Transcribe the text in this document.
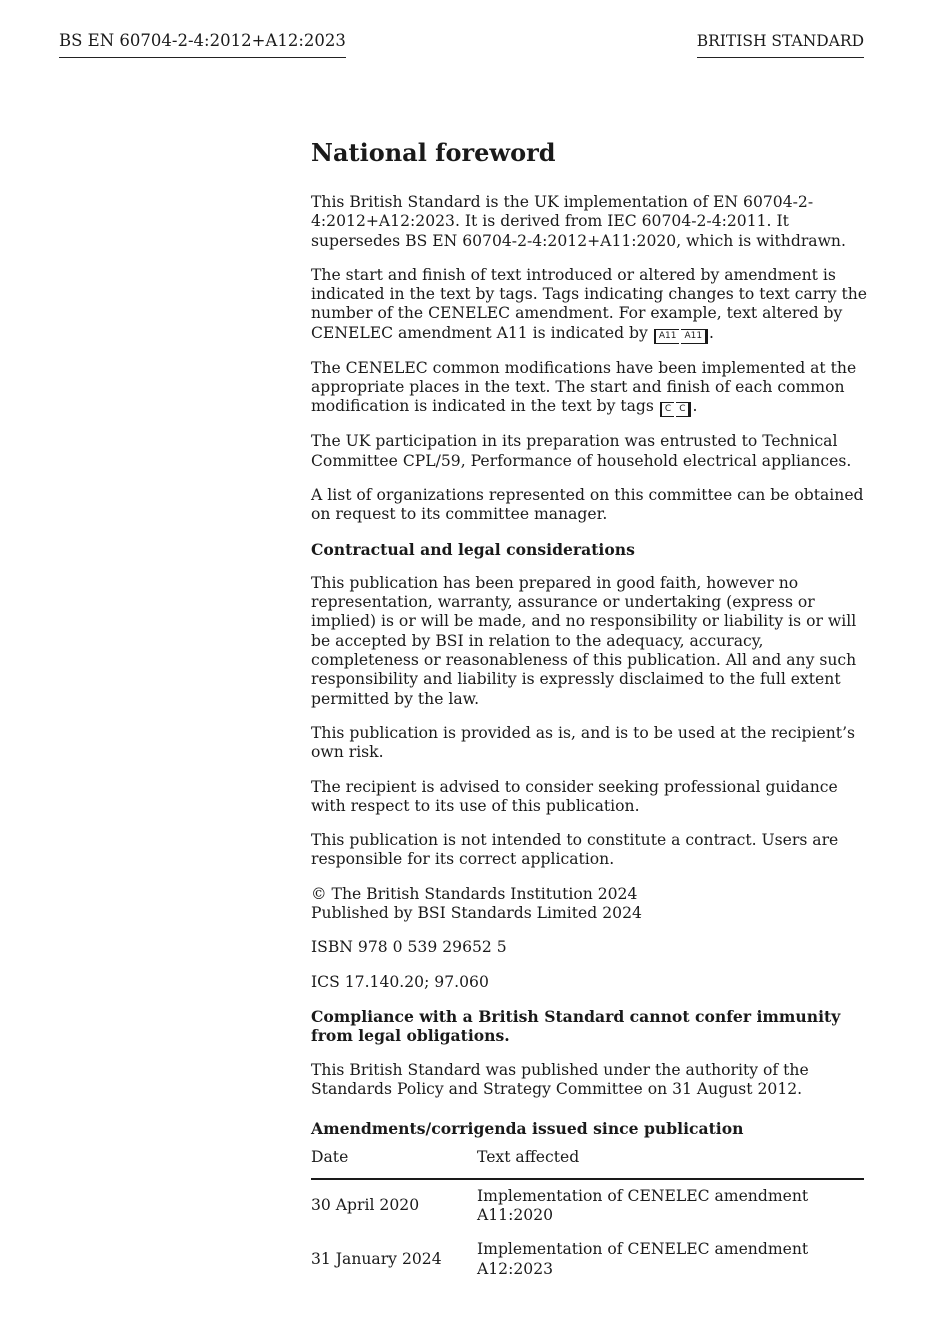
BS EN 60704-2-4:2012+A12:2023	BRITISH STANDARD
National foreword
This British Standard is the UK implementation of EN 60704-2-4:2012+A12:2023. It is derived from IEC 60704-2-4:2011. It supersedes BS EN 60704-2-4:2012+A11:2020, which is withdrawn.
The start and finish of text introduced or altered by amendment is indicated in the text by tags. Tags indicating changes to text carry the number of the CENELEC amendment. For example, text altered by CENELEC amendment A11 is indicated by A11 A11 .
The CENELEC common modifications have been implemented at the appropriate places in the text. The start and finish of each common modification is indicated in the text by tags C C .
The UK participation in its preparation was entrusted to Technical Committee CPL/59, Performance of household electrical appliances.
A list of organizations represented on this committee can be obtained on request to its committee manager.
Contractual and legal considerations
This publication has been prepared in good faith, however no representation, warranty, assurance or undertaking (express or implied) is or will be made, and no responsibility or liability is or will be accepted by BSI in relation to the adequacy, accuracy, completeness or reasonableness of this publication. All and any such responsibility and liability is expressly disclaimed to the full extent permitted by the law.
This publication is provided as is, and is to be used at the recipient’s own risk.
The recipient is advised to consider seeking professional guidance with respect to its use of this publication.
This publication is not intended to constitute a contract. Users are responsible for its correct application.
© The British Standards Institution 2024
Published by BSI Standards Limited 2024
ISBN 978 0 539 29652 5
ICS 17.140.20; 97.060
Compliance with a British Standard cannot confer immunity from legal obligations.
This British Standard was published under the authority of the Standards Policy and Strategy Committee on 31 August 2012.
Amendments/corrigenda issued since publication
Date	Text affected
30 April 2020	Implementation of CENELEC amendment A11:2020
31 January 2024	Implementation of CENELEC amendment A12:2023
